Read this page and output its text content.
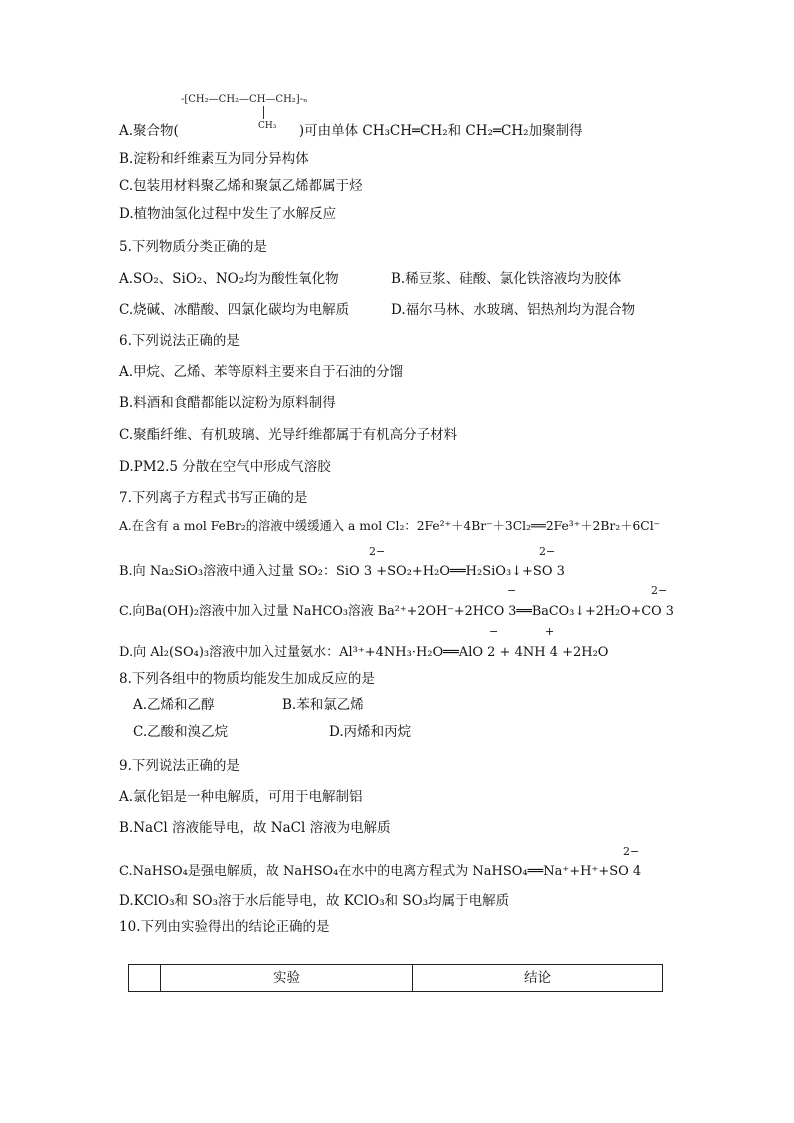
-[CH₂—CH₂—CH—CH₂]-ₙ
CH₃
A.聚合物(	)可由单体 CH₃CH═CH₂和 CH₂═CH₂加聚制得
B.淀粉和纤维素互为同分异构体
C.包装用材料聚乙烯和聚氯乙烯都属于烃
D.植物油氢化过程中发生了水解反应
5.下列物质分类正确的是
A.SO₂、SiO₂、NO₂均为酸性氧化物	B.稀豆浆、硅酸、氯化铁溶液均为胶体
C.烧碱、冰醋酸、四氯化碳均为电解质	D.福尔马林、水玻璃、铝热剂均为混合物
6.下列说法正确的是
A.甲烷、乙烯、苯等原料主要来自于石油的分馏
B.料酒和食醋都能以淀粉为原料制得
C.聚酯纤维、有机玻璃、光导纤维都属于有机高分子材料
D.PM2.5 分散在空气中形成气溶胶
7.下列离子方程式书写正确的是
A.在含有 a mol FeBr₂的溶液中缓缓通入 a mol Cl₂：2Fe²⁺＋4Br⁻＋3Cl₂══2Fe³⁺＋2Br₂＋6Cl⁻
2−	2−
B.向 Na₂SiO₃溶液中通入过量 SO₂：SiO 3 +SO₂+H₂O══H₂SiO₃↓+SO 3
−	2−
C.向Ba(OH)₂溶液中加入过量 NaHCO₃溶液 Ba²⁺+2OH⁻+2HCO 3══BaCO₃↓+2H₂O+CO 3
−	+
D.向 Al₂(SO₄)₃溶液中加入过量氨水：Al³⁺+4NH₃·H₂O══AlO 2 + 4NH 4 +2H₂O
8.下列各组中的物质均能发生加成反应的是
A.乙烯和乙醇	B.苯和氯乙烯
C.乙酸和溴乙烷	D.丙烯和丙烷
9.下列说法正确的是
A.氯化铝是一种电解质，可用于电解制铝
B.NaCl 溶液能导电，故 NaCl 溶液为电解质
2−
C.NaHSO₄是强电解质，故 NaHSO₄在水中的电离方程式为 NaHSO₄══Na⁺+H⁺+SO 4
D.KClO₃和 SO₃溶于水后能导电，故 KClO₃和 SO₃均属于电解质
10.下列由实验得出的结论正确的是
实验	结论
